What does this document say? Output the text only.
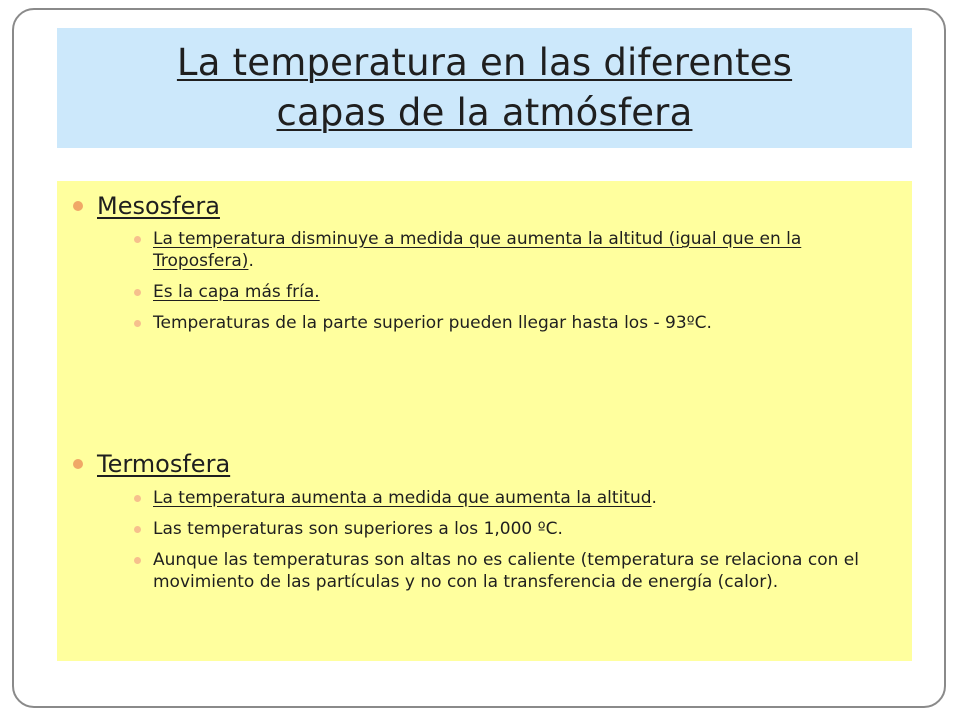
La temperatura en las diferentes
capas de la atmósfera
Mesosfera
La temperatura disminuye a medida que aumenta la altitud (igual que en la Troposfera).
Es la capa más fría.
Temperaturas de la parte superior pueden llegar hasta los - 93ºC.
Termosfera
La temperatura aumenta a medida que aumenta la altitud.
Las temperaturas son superiores a los 1,000 ºC.
Aunque las temperaturas son altas no es caliente (temperatura se relaciona con el movimiento de las partículas y no con la transferencia de energía (calor).
